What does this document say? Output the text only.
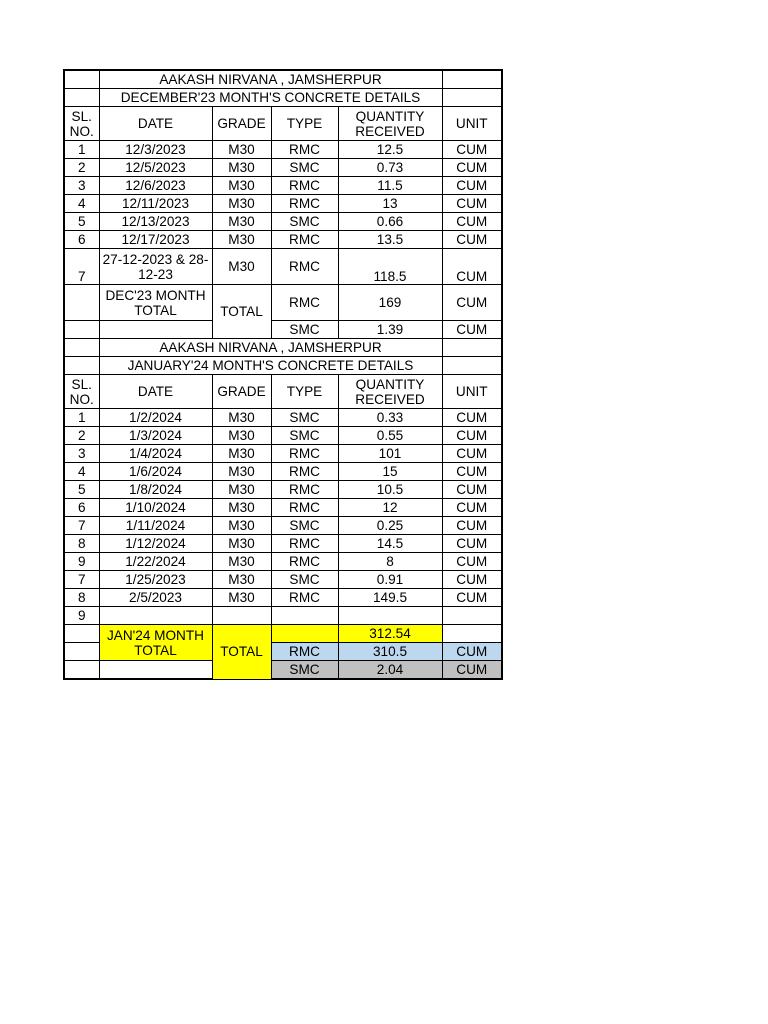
	AAKASH NIRVANA , JAMSHERPUR				
	DECEMBER'23 MONTH'S CONCRETE DETAILS				
SL. NO.	DATE	GRADE	TYPE	QUANTITY RECEIVED	UNIT
1	12/3/2023	M30	RMC	12.5	CUM
2	12/5/2023	M30	SMC	0.73	CUM
3	12/6/2023	M30	RMC	11.5	CUM
4	12/11/2023	M30	RMC	13	CUM
5	12/13/2023	M30	SMC	0.66	CUM
6	12/17/2023	M30	RMC	13.5	CUM
7	27-12-2023 & 28-12-23	M30	RMC	118.5	CUM
	DEC'23 MONTH TOTAL	TOTAL	RMC	169	CUM
			SMC	1.39	CUM
	AAKASH NIRVANA , JAMSHERPUR				
	JANUARY'24 MONTH'S CONCRETE DETAILS				
SL. NO.	DATE	GRADE	TYPE	QUANTITY RECEIVED	UNIT
1	1/2/2024	M30	SMC	0.33	CUM
2	1/3/2024	M30	SMC	0.55	CUM
3	1/4/2024	M30	RMC	101	CUM
4	1/6/2024	M30	RMC	15	CUM
5	1/8/2024	M30	RMC	10.5	CUM
6	1/10/2024	M30	RMC	12	CUM
7	1/11/2024	M30	SMC	0.25	CUM
8	1/12/2024	M30	RMC	14.5	CUM
9	1/22/2024	M30	RMC	8	CUM
7	1/25/2023	M30	SMC	0.91	CUM
8	2/5/2023	M30	RMC	149.5	CUM
9					
	JAN'24 MONTH TOTAL	TOTAL		312.54	
			RMC	310.5	CUM
			SMC	2.04	CUM
